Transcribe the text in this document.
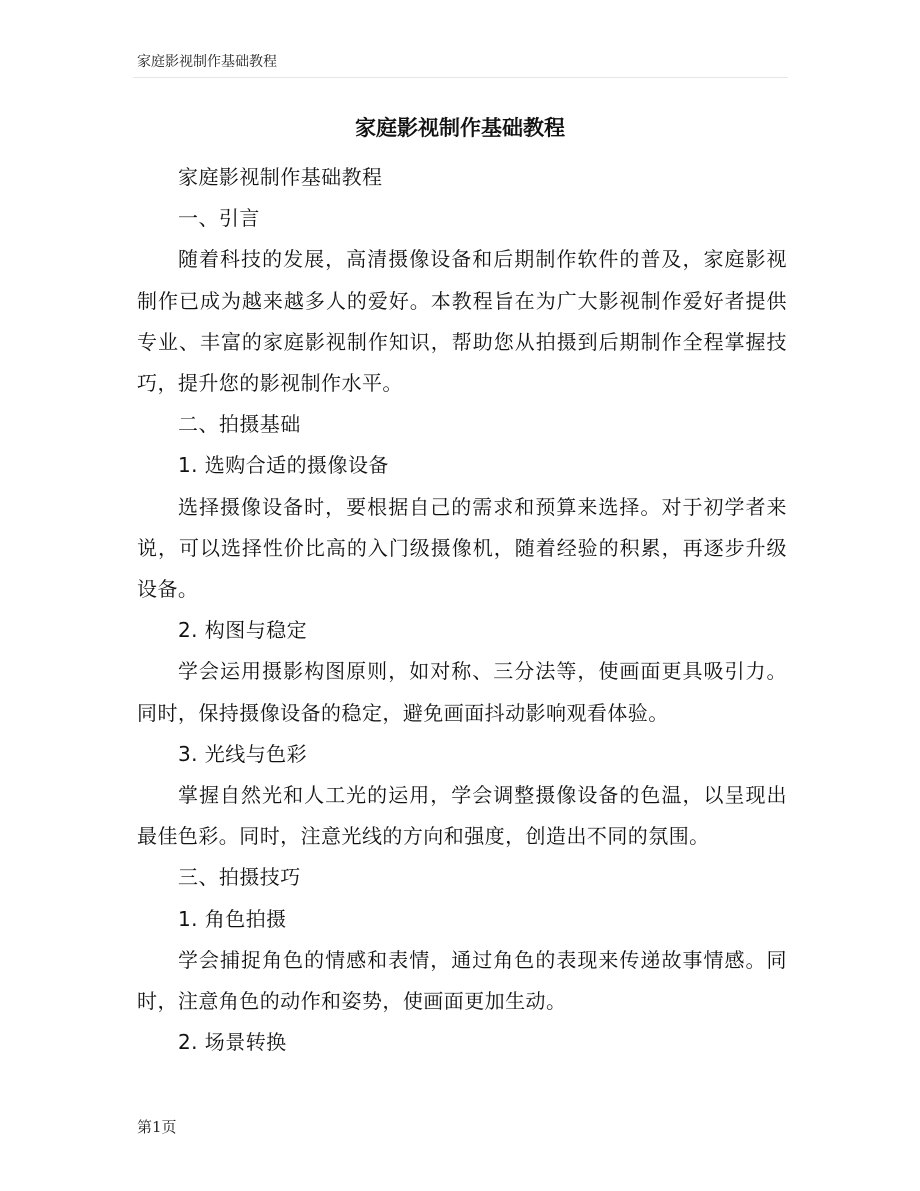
家庭影视制作基础教程
家庭影视制作基础教程

家庭影视制作基础教程

一、引言

随着科技的发展，高清摄像设备和后期制作软件的普及，家庭影视制作已成为越来越多人的爱好。本教程旨在为广大影视制作爱好者提供专业、丰富的家庭影视制作知识，帮助您从拍摄到后期制作全程掌握技巧，提升您的影视制作水平。

二、拍摄基础

1. 选购合适的摄像设备

选择摄像设备时，要根据自己的需求和预算来选择。对于初学者来说，可以选择性价比高的入门级摄像机，随着经验的积累，再逐步升级设备。

2. 构图与稳定

学会运用摄影构图原则，如对称、三分法等，使画面更具吸引力。同时，保持摄像设备的稳定，避免画面抖动影响观看体验。

3. 光线与色彩

掌握自然光和人工光的运用，学会调整摄像设备的色温，以呈现出最佳色彩。同时，注意光线的方向和强度，创造出不同的氛围。

三、拍摄技巧

1. 角色拍摄

学会捕捉角色的情感和表情，通过角色的表现来传递故事情感。同时，注意角色的动作和姿势，使画面更加生动。

2. 场景转换

第1页
